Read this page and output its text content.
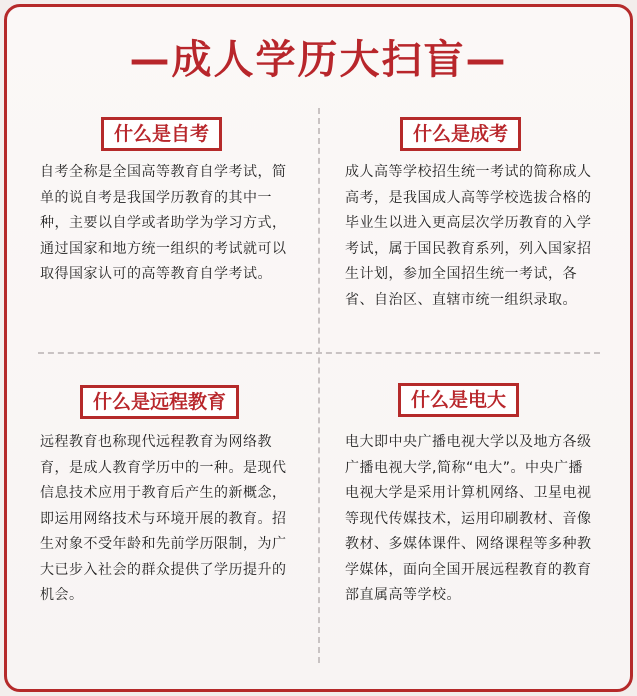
—成人学历大扫盲—
什么是自考
自考全称是全国高等教育自学考试，简单的说自考是我国学历教育的其中一种，主要以自学或者助学为学习方式，通过国家和地方统一组织的考试就可以取得国家认可的高等教育自学考试。
什么是成考
成人高等学校招生统一考试的简称成人高考，是我国成人高等学校选拔合格的毕业生以进入更高层次学历教育的入学考试，属于国民教育系列，列入国家招生计划，参加全国招生统一考试，各省、自治区、直辖市统一组织录取。
什么是远程教育
远程教育也称现代远程教育为网络教育，是成人教育学历中的一种。是现代信息技术应用于教育后产生的新概念，即运用网络技术与环境开展的教育。招生对象不受年龄和先前学历限制，为广大已步入社会的群众提供了学历提升的机会。
什么是电大
电大即中央广播电视大学以及地方各级广播电视大学,简称“电大”。中央广播电视大学是采用计算机网络、卫星电视等现代传媒技术，运用印刷教材、音像教材、多媒体课件、网络课程等多种教学媒体，面向全国开展远程教育的教育部直属高等学校。
